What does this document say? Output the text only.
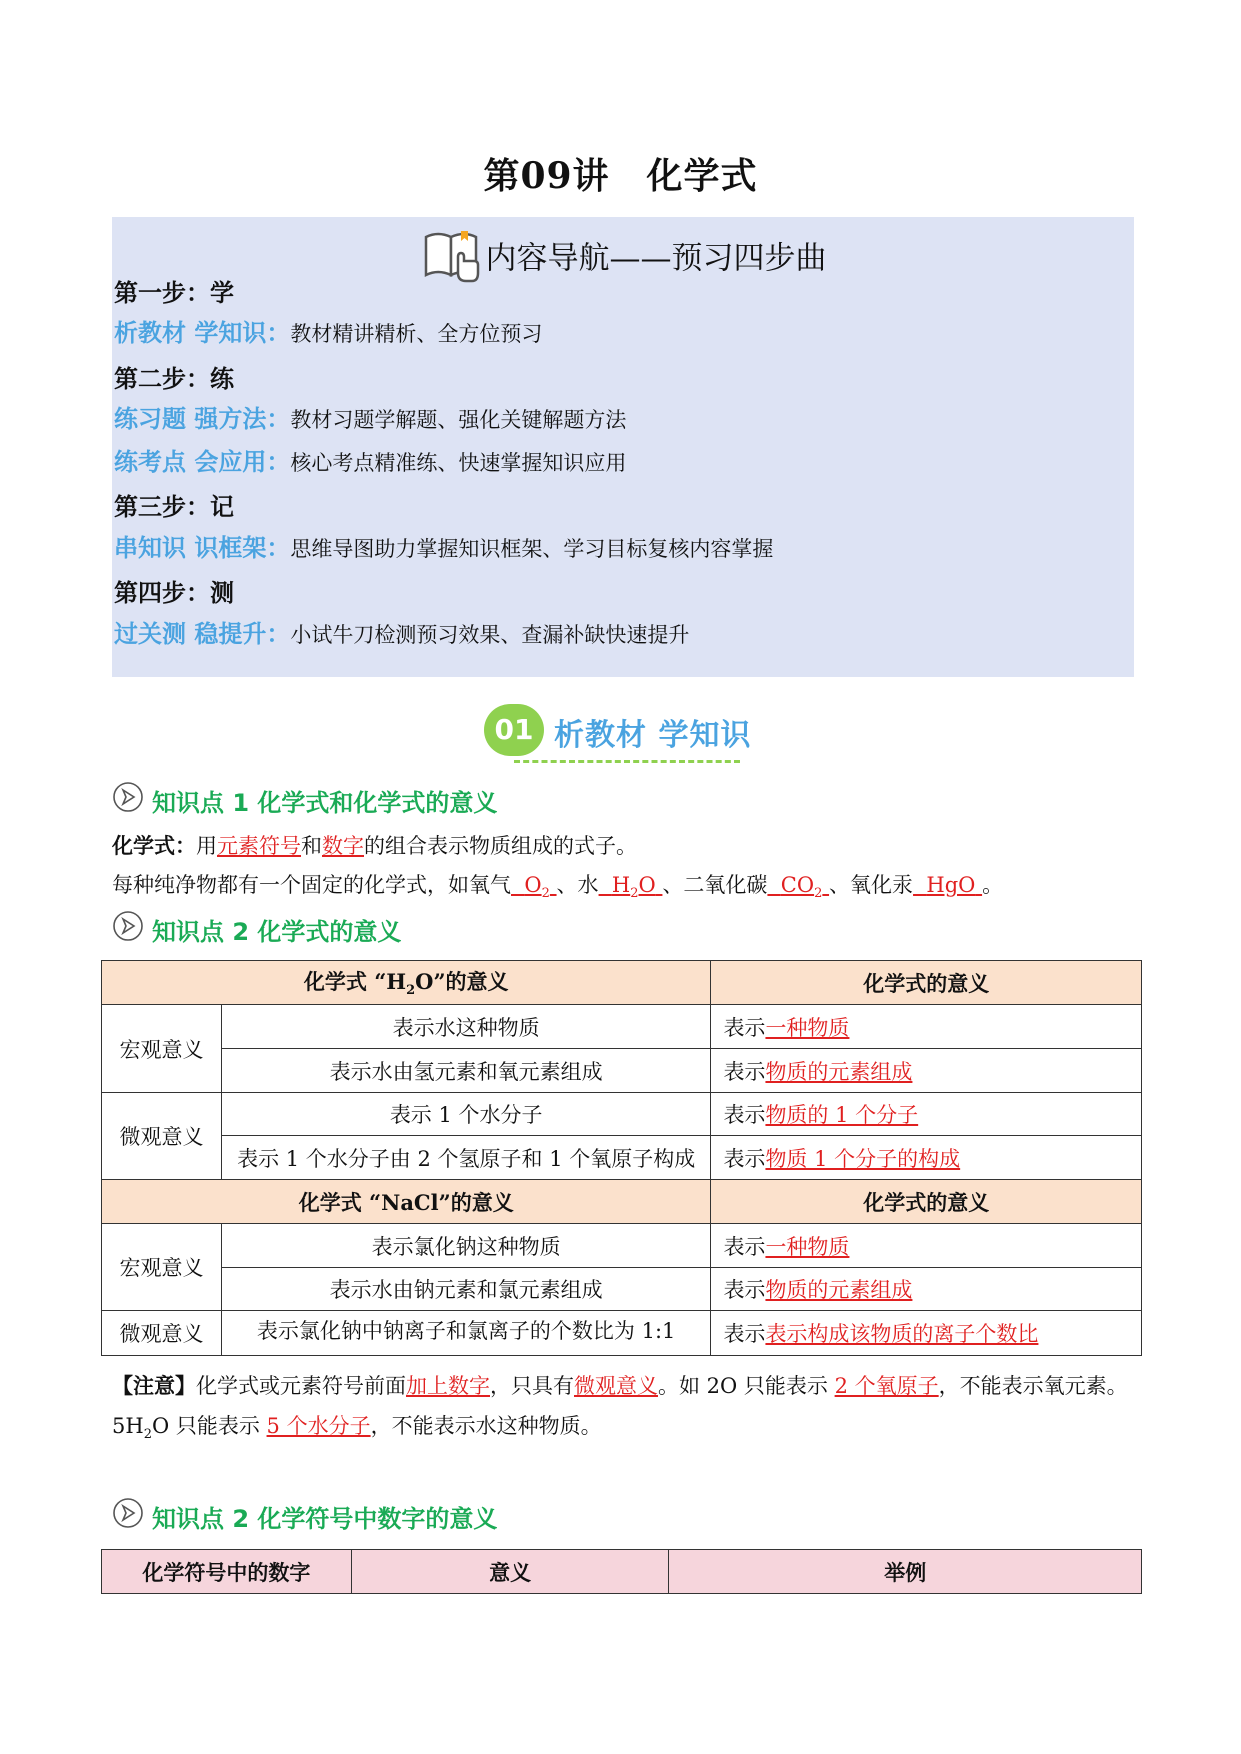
第09讲　化学式
内容导航——预习四步曲
第一步：学
析教材 学知识：教材精讲精析、全方位预习
第二步：练
练习题 强方法：教材习题学解题、强化关键解题方法
练考点 会应用：核心考点精准练、快速掌握知识应用
第三步：记
串知识 识框架：思维导图助力掌握知识框架、学习目标复核内容掌握
第四步：测
过关测 稳提升：小试牛刀检测预习效果、查漏补缺快速提升
01 析教材 学知识
知识点 1 化学式和化学式的意义
化学式：用元素符号和数字的组合表示物质组成的式子。
每种纯净物都有一个固定的化学式，如氧气 $O_2$ 、水 $H_2O$ 、二氧化碳 $CO_2$ 、氧化汞 HgO 。
知识点 2 化学式的意义
化学式 “$H_2O$”的意义		化学式的意义
宏观意义	表示水这种物质	表示一种物质
	表示水由氢元素和氧元素组成	表示物质的元素组成
微观意义	表示 1 个水分子	表示物质的 1 个分子
	表示 1 个水分子由 2 个氢原子和 1 个氧原子构成	表示物质 1 个分子的构成
化学式 “NaCl”的意义		化学式的意义
宏观意义	表示氯化钠这种物质	表示一种物质
	表示水由钠元素和氯元素组成	表示物质的元素组成
微观意义	表示氯化钠中钠离子和氯离子的个数比为 1:1	表示表示构成该物质的离子个数比
【注意】化学式或元素符号前面加上数字，只具有微观意义。如 2O 只能表示 2 个氧原子，不能表示氧元素。$5H_2O$ 只能表示 5 个水分子，不能表示水这种物质。
知识点 2 化学符号中数字的意义
化学符号中的数字	意义	举例
